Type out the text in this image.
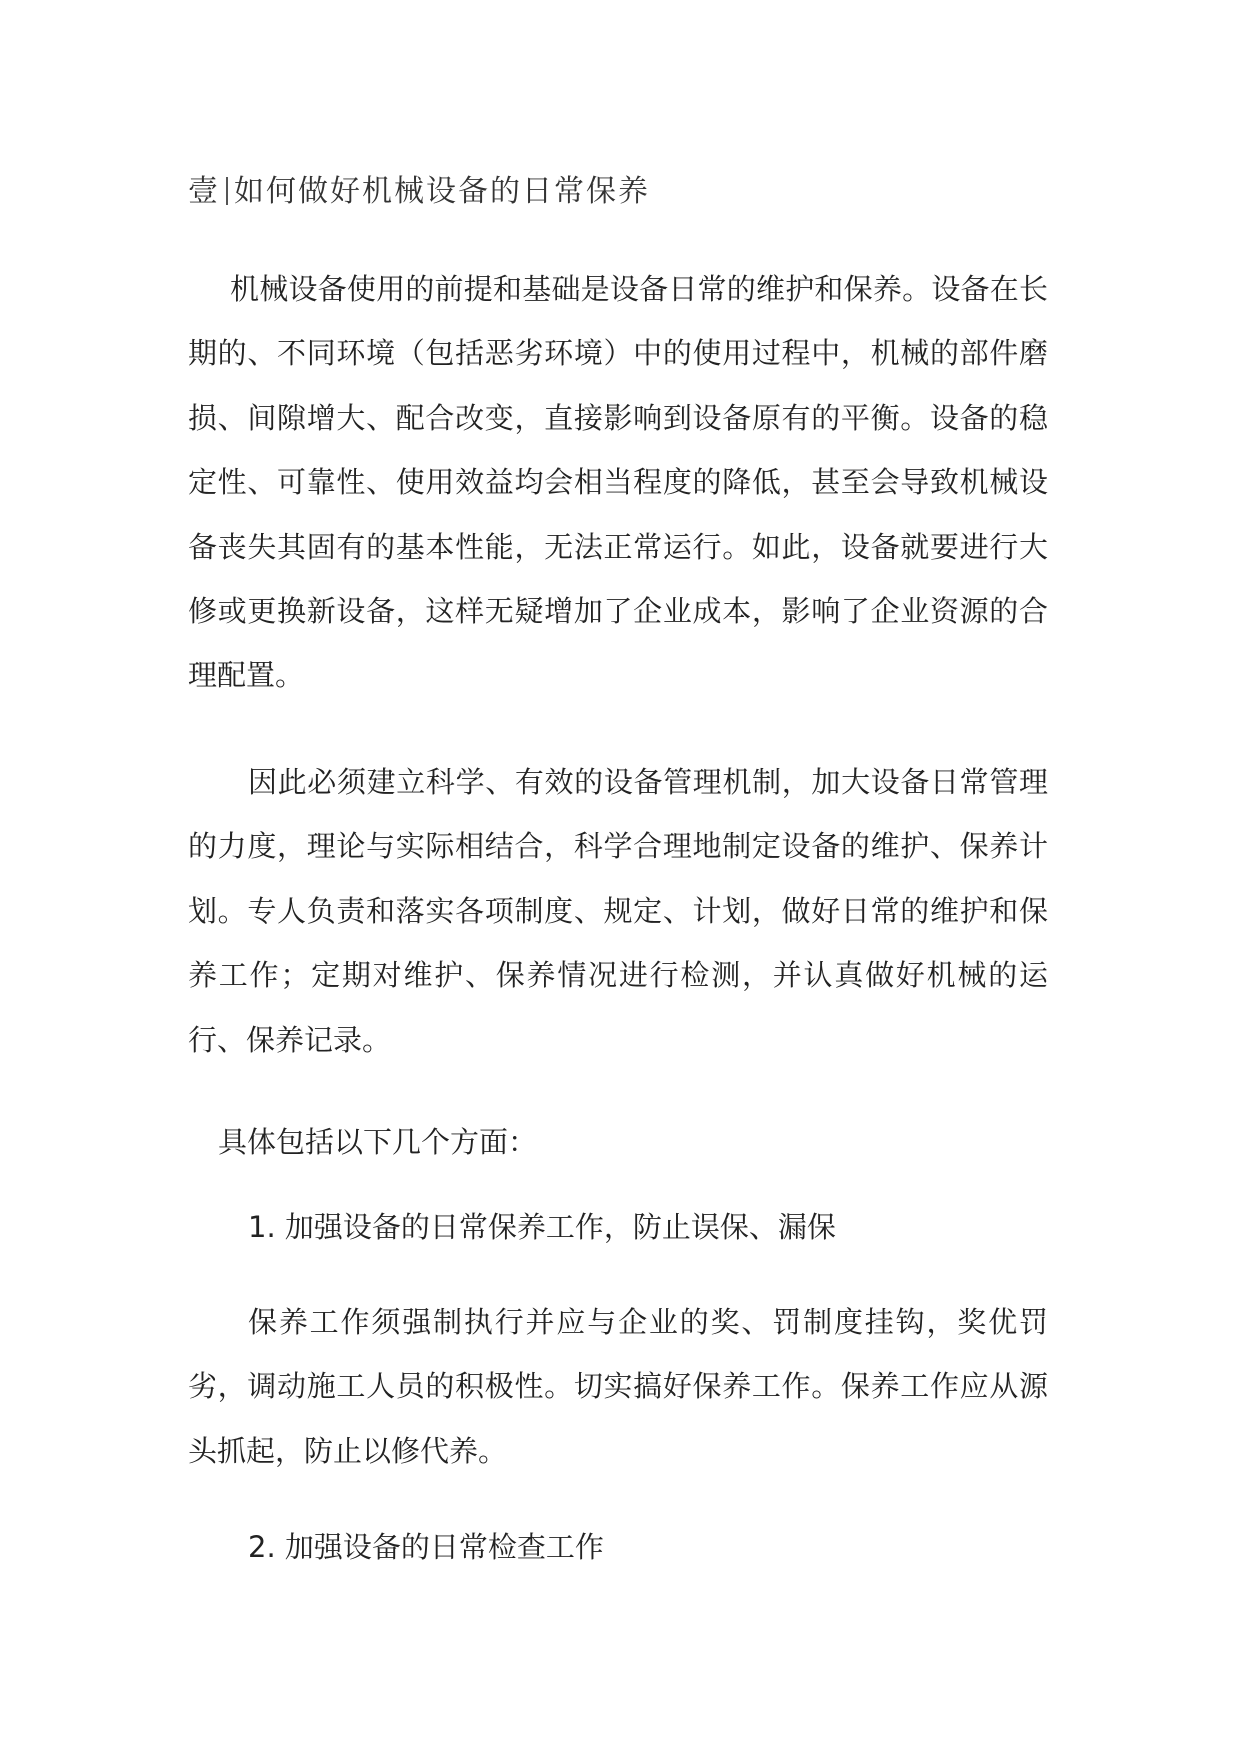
壹 如何做好机械设备的日常保养

机械设备使用的前提和基础是设备日常的维护和保养。设备在长期的、不同环境（包括恶劣环境）中的使用过程中，机械的部件磨损、间隙增大、配合改变，直接影响到设备原有的平衡。设备的稳定性、可靠性、使用效益均会相当程度的降低，甚至会导致机械设备丧失其固有的基本性能，无法正常运行。如此，设备就要进行大修或更换新设备，这样无疑增加了企业成本，影响了企业资源的合理配置。

因此必须建立科学、有效的设备管理机制，加大设备日常管理的力度，理论与实际相结合，科学合理地制定设备的维护、保养计划。专人负责和落实各项制度、规定、计划，做好日常的维护和保养工作；定期对维护、保养情况进行检测，并认真做好机械的运行、保养记录。

具体包括以下几个方面：

1. 加强设备的日常保养工作，防止误保、漏保

保养工作须强制执行并应与企业的奖、罚制度挂钩，奖优罚劣，调动施工人员的积极性。切实搞好保养工作。保养工作应从源头抓起，防止以修代养。

2. 加强设备的日常检查工作
